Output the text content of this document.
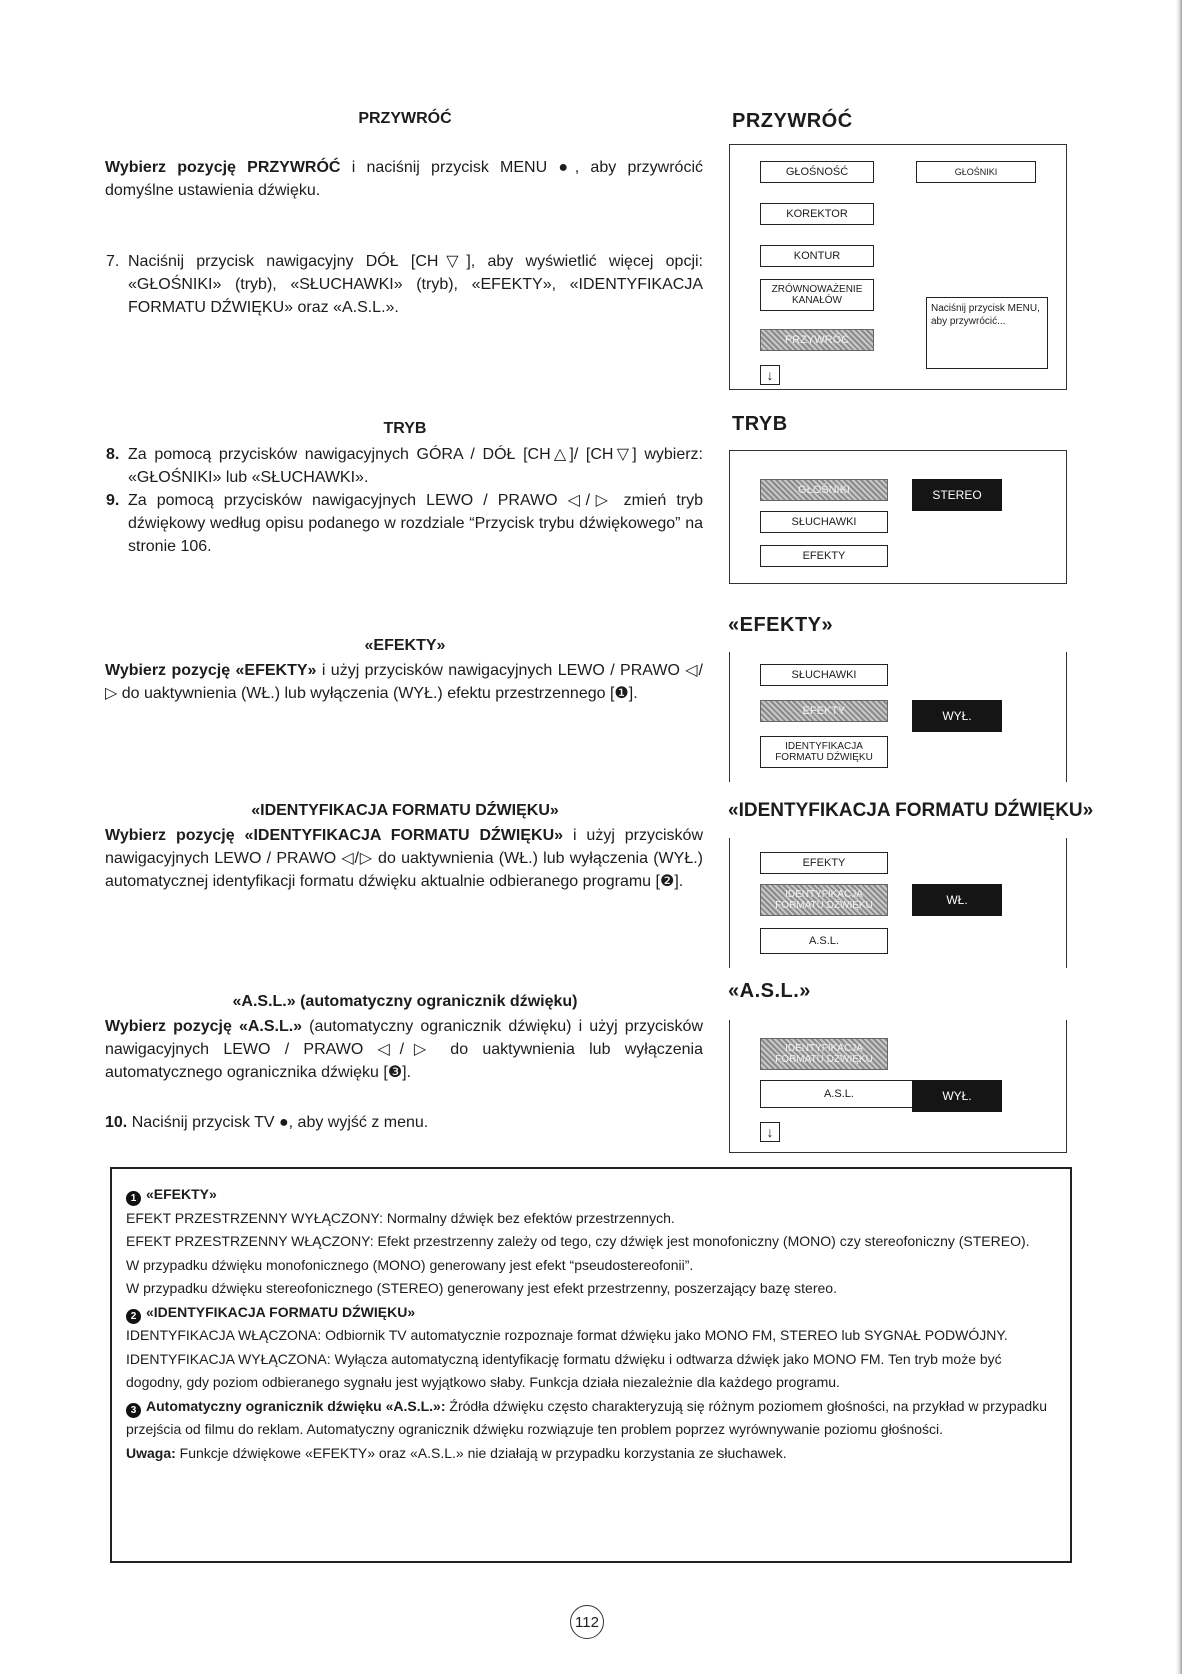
PRZYWRÓĆ
Wybierz pozycję PRZYWRÓĆ i naciśnij przycisk MENU ●, aby przywrócić domyślne ustawienia dźwięku.
7. Naciśnij przycisk nawigacyjny DÓŁ [CH▽], aby wyświetlić więcej opcji: «GŁOŚNIKI» (tryb), «SŁUCHAWKI» (tryb), «EFEKTY», «IDENTYFIKACJA FORMATU DŹWIĘKU» oraz «A.S.L.».
TRYB
8. Za pomocą przycisków nawigacyjnych GÓRA / DÓŁ [CH△]/ [CH▽] wybierz: «GŁOŚNIKI» lub «SŁUCHAWKI».
9. Za pomocą przycisków nawigacyjnych LEWO / PRAWO ◁/▷ zmień tryb dźwiękowy według opisu podanego w rozdziale “Przycisk trybu dźwiękowego” na stronie 106.
«EFEKTY»
Wybierz pozycję «EFEKTY» i użyj przycisków nawigacyjnych LEWO / PRAWO ◁/▷ do uaktywnienia (WŁ.) lub wyłączenia (WYŁ.) efektu przestrzennego [❶].
«IDENTYFIKACJA FORMATU DŹWIĘKU»
Wybierz pozycję «IDENTYFIKACJA FORMATU DŹWIĘKU» i użyj przycisków nawigacyjnych LEWO / PRAWO ◁/▷ do uaktywnienia (WŁ.) lub wyłączenia (WYŁ.) automatycznej identyfikacji formatu dźwięku aktualnie odbieranego programu [❷].
«A.S.L.» (automatyczny ogranicznik dźwięku)
Wybierz pozycję «A.S.L.» (automatyczny ogranicznik dźwięku) i użyj przycisków nawigacyjnych LEWO / PRAWO ◁/▷ do uaktywnienia lub wyłączenia automatycznego ogranicznika dźwięku [❸].
10. Naciśnij przycisk TV ●, aby wyjść z menu.
PRZYWRÓĆ
GŁOŚNOŚĆ	GŁOŚNIKI
KOREKTOR
KONTUR
ZRÓWNOWAŻENIE KANAŁÓW
PRZYWRÓĆ
Naciśnij przycisk MENU, aby przywrócić...
↓
TRYB
GŁOŚNIKI	STEREO
SŁUCHAWKI
EFEKTY
«EFEKTY»
SŁUCHAWKI
EFEKTY	WYŁ.
IDENTYFIKACJA FORMATU DŹWIĘKU
«IDENTYFIKACJA FORMATU DŹWIĘKU»
EFEKTY
IDENTYFIKACJA FORMATU DŹWIĘKU	WŁ.
A.S.L.
«A.S.L.»
IDENTYFIKACJA FORMATU DŹWIĘKU
A.S.L.	WYŁ.
↓

1 «EFEKTY»

EFEKT PRZESTRZENNY WYŁĄCZONY: Normalny dźwięk bez efektów przestrzennych.

EFEKT PRZESTRZENNY WŁĄCZONY: Efekt przestrzenny zależy od tego, czy dźwięk jest monofoniczny (MONO) czy stereofoniczny (STEREO).

W przypadku dźwięku monofonicznego (MONO) generowany jest efekt “pseudostereofonii”.

W przypadku dźwięku stereofonicznego (STEREO) generowany jest efekt przestrzenny, poszerzający bazę stereo.

2 «IDENTYFIKACJA FORMATU DŹWIĘKU»

IDENTYFIKACJA WŁĄCZONA: Odbiornik TV automatycznie rozpoznaje format dźwięku jako MONO FM, STEREO lub SYGNAŁ PODWÓJNY.

IDENTYFIKACJA WYŁĄCZONA: Wyłącza automatyczną identyfikację formatu dźwięku i odtwarza dźwięk jako MONO FM. Ten tryb może być dogodny, gdy poziom odbieranego sygnału jest wyjątkowo słaby. Funkcja działa niezależnie dla każdego programu.

3 Automatyczny ogranicznik dźwięku «A.S.L.»: Źródła dźwięku często charakteryzują się różnym poziomem głośności, na przykład w przypadku przejścia od filmu do reklam. Automatyczny ogranicznik dźwięku rozwiązuje ten problem poprzez wyrównywanie poziomu głośności.

Uwaga: Funkcje dźwiękowe «EFEKTY» oraz «A.S.L.» nie działają w przypadku korzystania ze słuchawek.

112
